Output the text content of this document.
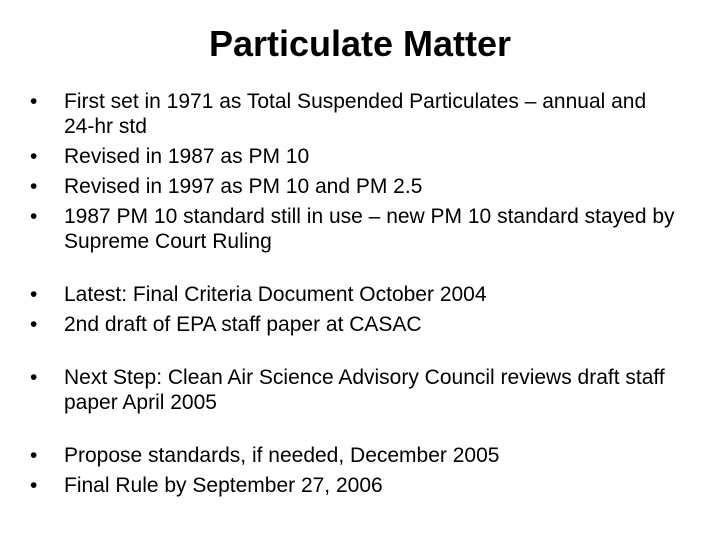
Particulate Matter
•	First set in 1971 as Total Suspended Particulates – annual and 24-hr std
•	Revised in 1987 as PM 10
•	Revised in 1997 as PM 10 and PM 2.5
•	1987 PM 10 standard still in use – new PM 10 standard stayed by Supreme Court Ruling
•	Latest: Final Criteria Document October 2004
•	2nd draft of EPA staff paper at CASAC
•	Next Step: Clean Air Science Advisory Council reviews draft staff paper April 2005
•	Propose standards, if needed, December 2005
•	Final Rule by September 27, 2006
